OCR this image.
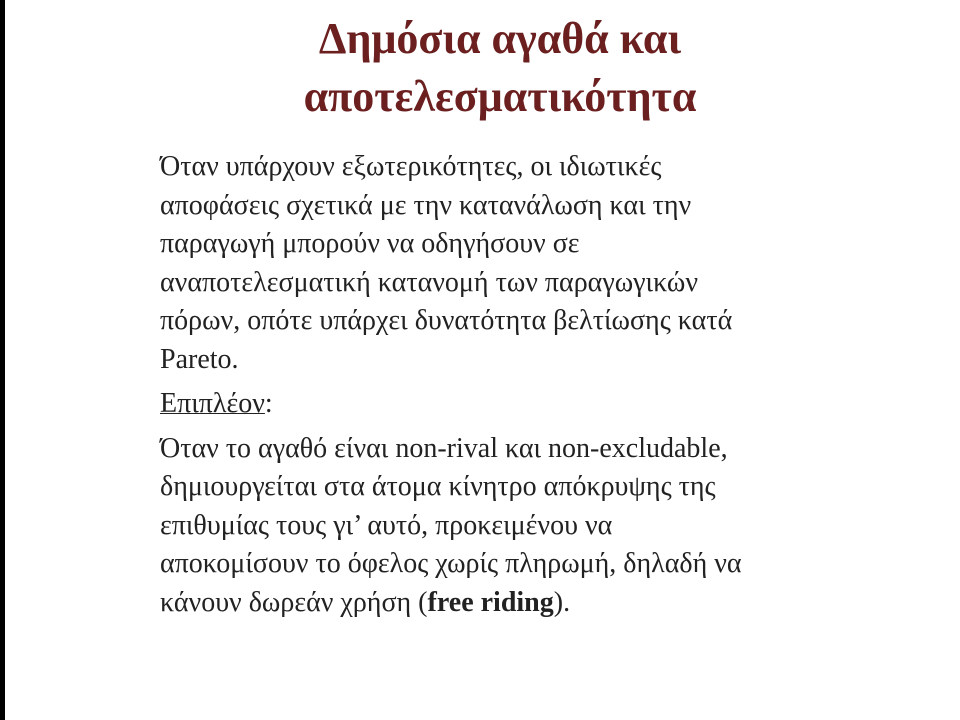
Δημόσια αγαθά και
αποτελεσματικότητα
Όταν υπάρχουν εξωτερικότητες, οι ιδιωτικές
αποφάσεις σχετικά με την κατανάλωση και την
παραγωγή μπορούν να οδηγήσουν σε
αναποτελεσματική κατανομή των παραγωγικών
πόρων, οπότε υπάρχει δυνατότητα βελτίωσης κατά
Pareto.
Επιπλέον:
Όταν το αγαθό είναι non-rival και non-excludable,
δημιουργείται στα άτομα κίνητρο απόκρυψης της
επιθυμίας τους γι’ αυτό, προκειμένου να
αποκομίσουν το όφελος χωρίς πληρωμή, δηλαδή να
κάνουν δωρεάν χρήση (free riding).
